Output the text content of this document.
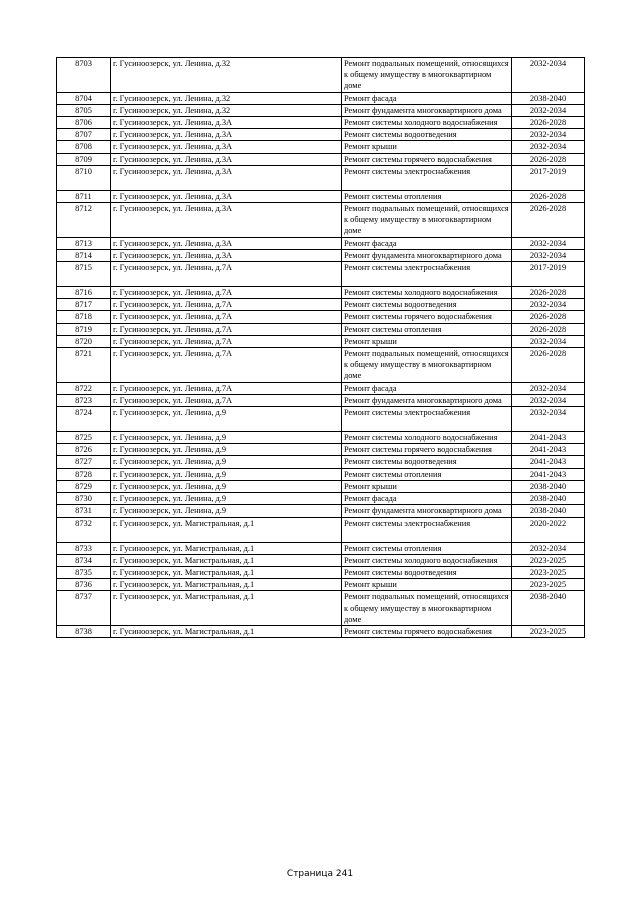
8703	г. Гусиноозерск, ул. Ленина, д.32	Ремонт подвальных помещений, относящихся к общему имуществу в многоквартирном доме	2032-2034
8704	г. Гусиноозерск, ул. Ленина, д.32	Ремонт фасада	2038-2040
8705	г. Гусиноозерск, ул. Ленина, д.32	Ремонт фундамента многоквартирного дома	2032-2034
8706	г. Гусиноозерск, ул. Ленина, д.3А	Ремонт системы холодного водоснабжения	2026-2028
8707	г. Гусиноозерск, ул. Ленина, д.3А	Ремонт системы водоотведения	2032-2034
8708	г. Гусиноозерск, ул. Ленина, д.3А	Ремонт крыши	2032-2034
8709	г. Гусиноозерск, ул. Ленина, д.3А	Ремонт системы горячего водоснабжения	2026-2028
8710	г. Гусиноозерск, ул. Ленина, д.3А	Ремонт системы электроснабжения	2017-2019
8711	г. Гусиноозерск, ул. Ленина, д.3А	Ремонт системы отопления	2026-2028
8712	г. Гусиноозерск, ул. Ленина, д.3А	Ремонт подвальных помещений, относящихся к общему имуществу в многоквартирном доме	2026-2028
8713	г. Гусиноозерск, ул. Ленина, д.3А	Ремонт фасада	2032-2034
8714	г. Гусиноозерск, ул. Ленина, д.3А	Ремонт фундамента многоквартирного дома	2032-2034
8715	г. Гусиноозерск, ул. Ленина, д.7А	Ремонт системы электроснабжения	2017-2019
8716	г. Гусиноозерск, ул. Ленина, д.7А	Ремонт системы холодного водоснабжения	2026-2028
8717	г. Гусиноозерск, ул. Ленина, д.7А	Ремонт системы водоотведения	2032-2034
8718	г. Гусиноозерск, ул. Ленина, д.7А	Ремонт системы горячего водоснабжения	2026-2028
8719	г. Гусиноозерск, ул. Ленина, д.7А	Ремонт системы отопления	2026-2028
8720	г. Гусиноозерск, ул. Ленина, д.7А	Ремонт крыши	2032-2034
8721	г. Гусиноозерск, ул. Ленина, д.7А	Ремонт подвальных помещений, относящихся к общему имуществу в многоквартирном доме	2026-2028
8722	г. Гусиноозерск, ул. Ленина, д.7А	Ремонт фасада	2032-2034
8723	г. Гусиноозерск, ул. Ленина, д.7А	Ремонт фундамента многоквартирного дома	2032-2034
8724	г. Гусиноозерск, ул. Ленина, д.9	Ремонт системы электроснабжения	2032-2034
8725	г. Гусиноозерск, ул. Ленина, д.9	Ремонт системы холодного водоснабжения	2041-2043
8726	г. Гусиноозерск, ул. Ленина, д.9	Ремонт системы горячего водоснабжения	2041-2043
8727	г. Гусиноозерск, ул. Ленина, д.9	Ремонт системы водоотведения	2041-2043
8728	г. Гусиноозерск, ул. Ленина, д.9	Ремонт системы отопления	2041-2043
8729	г. Гусиноозерск, ул. Ленина, д.9	Ремонт крыши	2038-2040
8730	г. Гусиноозерск, ул. Ленина, д.9	Ремонт фасада	2038-2040
8731	г. Гусиноозерск, ул. Ленина, д.9	Ремонт фундамента многоквартирного дома	2038-2040
8732	г. Гусиноозерск, ул. Магистральная, д.1	Ремонт системы электроснабжения	2020-2022
8733	г. Гусиноозерск, ул. Магистральная, д.1	Ремонт системы отопления	2032-2034
8734	г. Гусиноозерск, ул. Магистральная, д.1	Ремонт системы холодного водоснабжения	2023-2025
8735	г. Гусиноозерск, ул. Магистральная, д.1	Ремонт системы водоотведения	2023-2025
8736	г. Гусиноозерск, ул. Магистральная, д.1	Ремонт крыши	2023-2025
8737	г. Гусиноозерск, ул. Магистральная, д.1	Ремонт подвальных помещений, относящихся к общему имуществу в многоквартирном доме	2038-2040
8738	г. Гусиноозерск, ул. Магистральная, д.1	Ремонт системы горячего водоснабжения	2023-2025
Страница 241
